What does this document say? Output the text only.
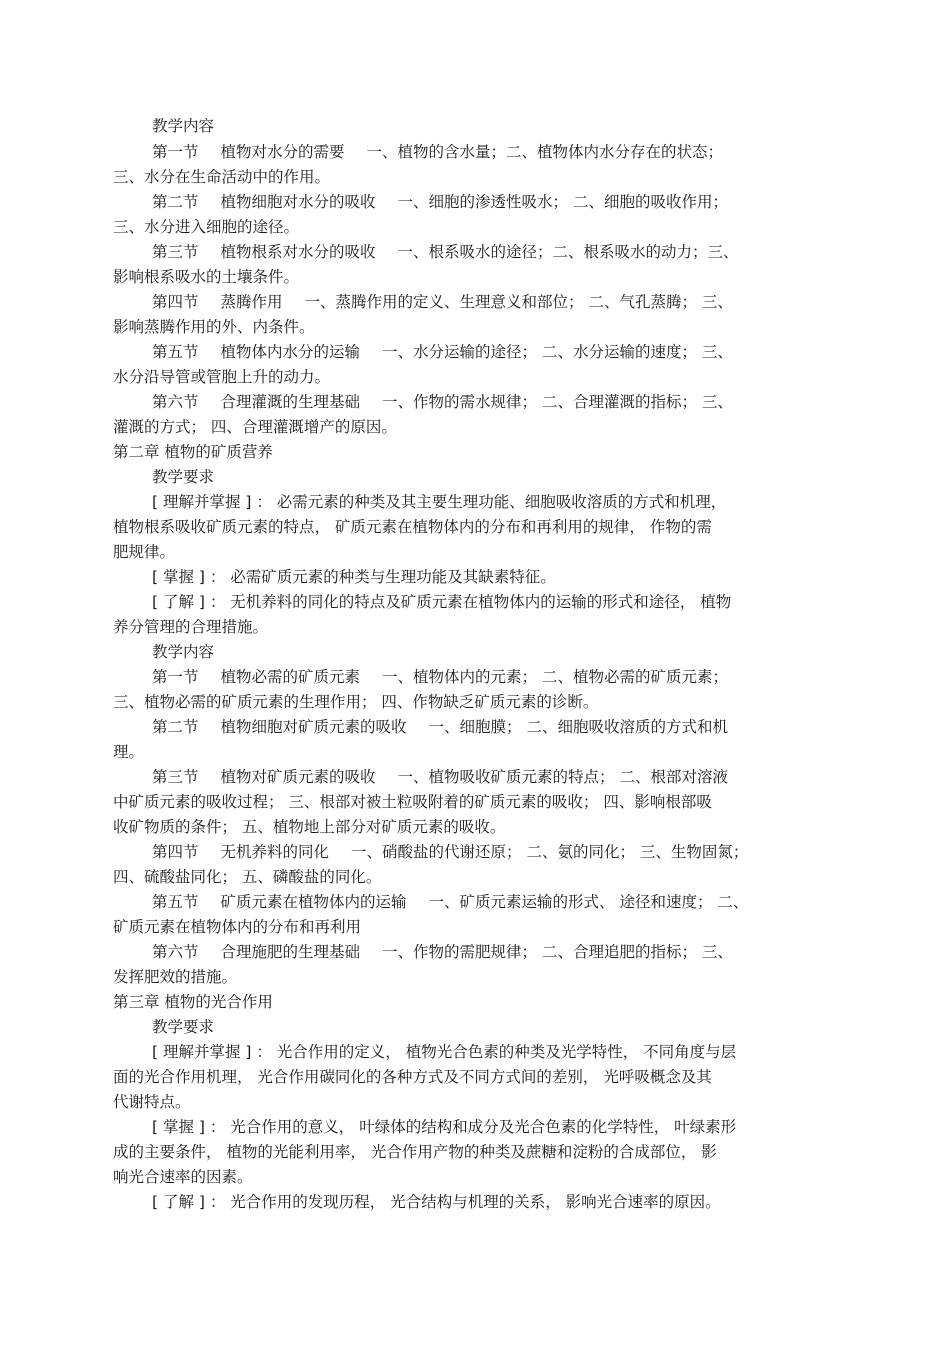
教学内容

第一节 植物对水分的需要 一、植物的含水量；二、植物体内水分存在的状态；

三、水分在生命活动中的作用。

第二节 植物细胞对水分的吸收 一、细胞的渗透性吸水； 二、细胞的吸收作用；

三、水分进入细胞的途径。

第三节 植物根系对水分的吸收 一、根系吸水的途径；二、根系吸水的动力；三、

影响根系吸水的土壤条件。

第四节 蒸腾作用 一、蒸腾作用的定义、生理意义和部位； 二、气孔蒸腾； 三、

影响蒸腾作用的外、内条件。

第五节 植物体内水分的运输 一、水分运输的途径； 二、水分运输的速度； 三、

水分沿导管或管胞上升的动力。

第六节 合理灌溉的生理基础 一、作物的需水规律； 二、合理灌溉的指标； 三、

灌溉的方式； 四、合理灌溉增产的原因。

第二章 植物的矿质营养

教学要求

[ 理解并掌握 ] ： 必需元素的种类及其主要生理功能、细胞吸收溶质的方式和机理，

植物根系吸收矿质元素的特点， 矿质元素在植物体内的分布和再利用的规律， 作物的需

肥规律。

[ 掌握 ] ： 必需矿质元素的种类与生理功能及其缺素特征。

[ 了解 ] ： 无机养料的同化的特点及矿质元素在植物体内的运输的形式和途径， 植物

养分管理的合理措施。

教学内容

第一节 植物必需的矿质元素 一、植物体内的元素； 二、植物必需的矿质元素；

三、植物必需的矿质元素的生理作用； 四、作物缺乏矿质元素的诊断。

第二节 植物细胞对矿质元素的吸收 一、细胞膜； 二、细胞吸收溶质的方式和机

理。

第三节 植物对矿质元素的吸收 一、植物吸收矿质元素的特点； 二、根部对溶液

中矿质元素的吸收过程； 三、根部对被土粒吸附着的矿质元素的吸收； 四、影响根部吸

收矿物质的条件； 五、植物地上部分对矿质元素的吸收。

第四节 无机养料的同化 一、硝酸盐的代谢还原； 二、氨的同化； 三、生物固氮；

四、硫酸盐同化； 五、磷酸盐的同化。

第五节 矿质元素在植物体内的运输 一、矿质元素运输的形式、 途径和速度； 二、

矿质元素在植物体内的分布和再利用

第六节 合理施肥的生理基础 一、作物的需肥规律； 二、合理追肥的指标； 三、

发挥肥效的措施。

第三章 植物的光合作用

教学要求

[ 理解并掌握 ] ： 光合作用的定义， 植物光合色素的种类及光学特性， 不同角度与层

面的光合作用机理， 光合作用碳同化的各种方式及不同方式间的差别， 光呼吸概念及其

代谢特点。

[ 掌握 ] ： 光合作用的意义， 叶绿体的结构和成分及光合色素的化学特性， 叶绿素形

成的主要条件， 植物的光能利用率， 光合作用产物的种类及蔗糖和淀粉的合成部位， 影

响光合速率的因素。

[ 了解 ] ： 光合作用的发现历程， 光合结构与机理的关系， 影响光合速率的原因。
